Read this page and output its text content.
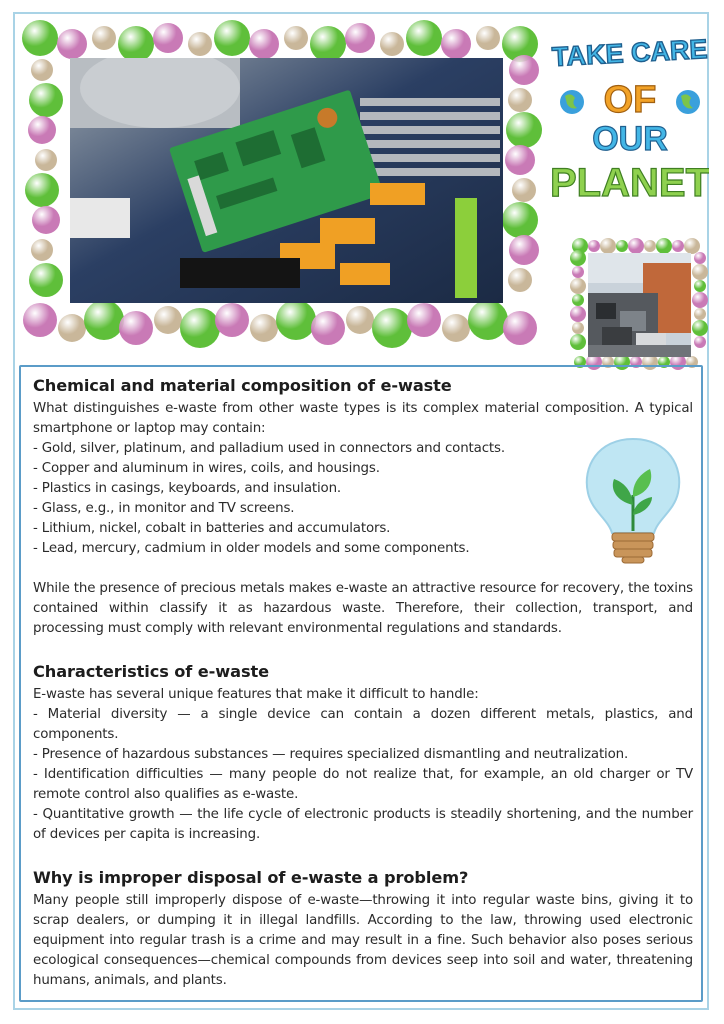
TAKE CARE
OF
OUR
PLANET
Chemical and material composition of e-waste

What distinguishes e-waste from other waste types is its complex material composition. A typical smartphone or laptop may contain:

- Gold, silver, platinum, and palladium used in connectors and contacts.
- Copper and aluminum in wires, coils, and housings.
- Plastics in casings, keyboards, and insulation.
- Glass, e.g., in monitor and TV screens.
- Lithium, nickel, cobalt in batteries and accumulators.
- Lead, mercury, cadmium in older models and some components.

While the presence of precious metals makes e-waste an attractive resource for recovery, the toxins contained within classify it as hazardous waste. Therefore, their collection, transport, and processing must comply with relevant environmental regulations and standards.

Characteristics of e-waste

E-waste has several unique features that make it difficult to handle:

- Material diversity — a single device can contain a dozen different metals, plastics, and components.
- Presence of hazardous substances — requires specialized dismantling and neutralization.
- Identification difficulties — many people do not realize that, for example, an old charger or TV remote control also qualifies as e-waste.
- Quantitative growth — the life cycle of electronic products is steadily shortening, and the number of devices per capita is increasing.
Why is improper disposal of e-waste a problem?

Many people still improperly dispose of e-waste—throwing it into regular waste bins, giving it to scrap dealers, or dumping it in illegal landfills. According to the law, throwing used electronic equipment into regular trash is a crime and may result in a fine. Such behavior also poses serious ecological consequences—chemical compounds from devices seep into soil and water, threatening humans, animals, and plants.
